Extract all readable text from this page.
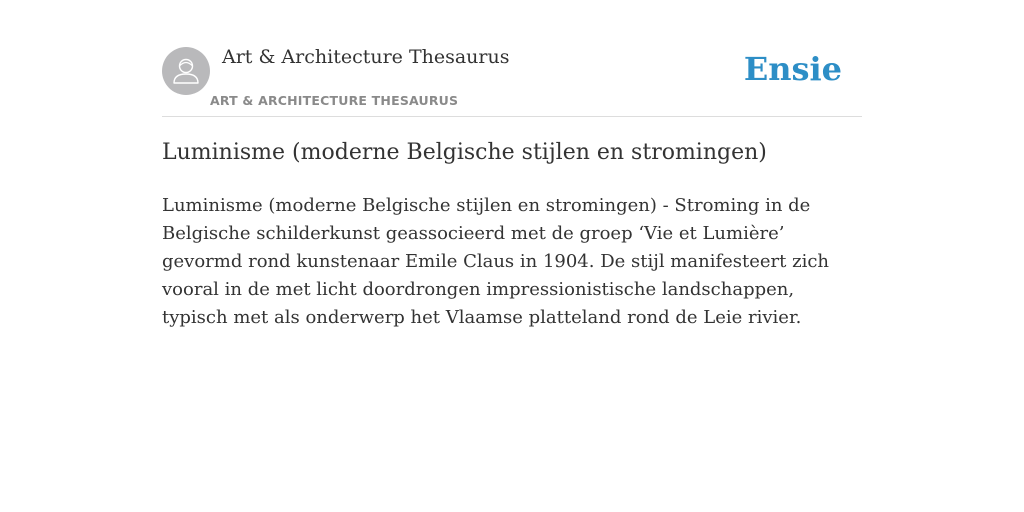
Art & Architecture Thesaurus
ART & ARCHITECTURE THESAURUS
Ensie
Luminisme (moderne Belgische stijlen en stromingen)

Luminisme (moderne Belgische stijlen en stromingen) - Stroming in de Belgische schilderkunst geassocieerd met de groep ‘Vie et Lumière’ gevormd rond kunstenaar Emile Claus in 1904. De stijl manifesteert zich vooral in de met licht doordrongen impressionistische landschappen, typisch met als onderwerp het Vlaamse platteland rond de Leie rivier.
